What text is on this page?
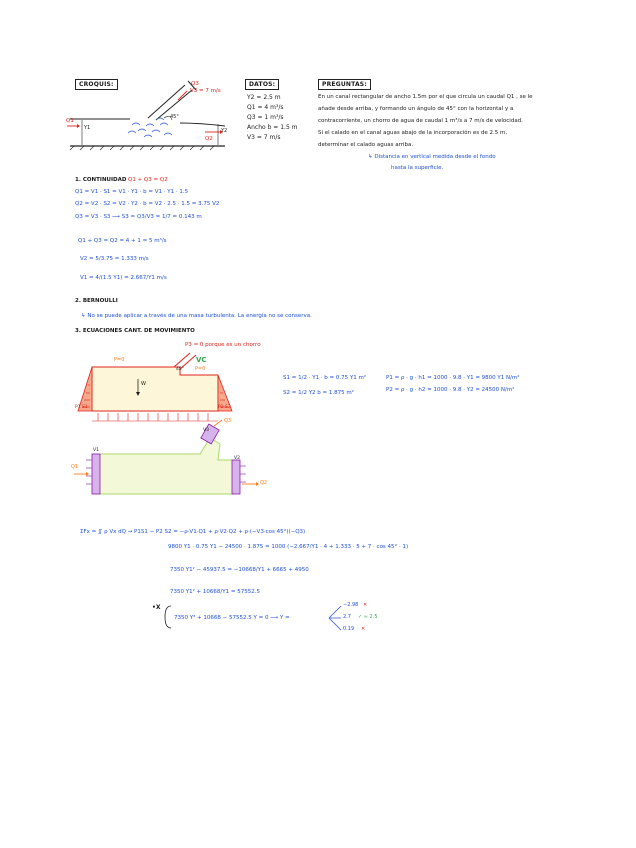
CROQUIS:	DATOS:	PREGUNTAS:
Q3
V3 = 7 m/s
45°
Q1
Y1	Y2
Q2
Y2 = 2.5 m
Q1 = 4 m³/s
Q3 = 1 m³/s
Ancho b = 1.5 m
V3 = 7 m/s
En un canal rectangular de ancho 1.5m por el que circula un caudal Q1 , se le
añade desde arriba, y formando un ángulo de 45° con la horizontal y a
contracorriente, un chorro de agua de caudal 1 m³/s a 7 m/s de velocidad.
Si el calado en el canal aguas abajo de la incorporación es de 2.5 m,
determinar el calado aguas arriba.
↳ Distancia en vertical medida desde el fondo
hasta la superficie.
1. CONTINUIDAD Q1 + Q3 = Q2
Q1 = V1 · S1 = V1 · Y1 · b = V1 · Y1 · 1.5
Q2 = V2 · S2 = V2 · Y2 · b = V2 · 2.5 · 1.5 = 3.75 V2
Q3 = V3 · S3 ⟶ S3 = Q3/V3 = 1/7 = 0.143 m
Q1 + Q3 = Q2 = 4 + 1 = 5 m³/s
V2 = 5/3.75 = 1.333 m/s
V1 = 4/(1.5 Y1) = 2.667/Y1 m/s
2. BERNOULLI
↳ No se puede aplicar a través de una masa turbulenta. La energía no se conserva.
3. ECUACIONES CANT. DE MOVIMIENTO
P3 = 0 porque es un chorro
VC
P=0
P=0
45°
W
P1 S1	P2 S2
Q3
Q1
Q2
V1
V2
V3
S1 = 1/2 · Y1 · b = 0.75 Y1 m²
S2 = 1/2 Y2 b = 1.875 m²
P1 = ρ · g · h1 = 1000 · 9.8 · Y1 = 9800 Y1 N/m²
P2 = ρ · g · h2 = 1000 · 9.8 · Y2 = 24500 N/m²
ΣFx = ∬ ρ Vx dQ → P1S1 − P2 S2 = −ρ·V1·Q1 + ρ·V2·Q2 + ρ·(−V3·cos 45°)(−Q3)
9800 Y1 · 0.75 Y1 − 24500 · 1.875 = 1000 (−2.667/Y1 · 4 + 1.333 · 5 + 7 · cos 45° · 1)
7350 Y1² − 45937.5 = −10668/Y1 + 6665 + 4950
7350 Y1² + 10668/Y1 = 57552.5
•X
7350 Y³ + 10668 − 57552.5 Y = 0 ⟶ Y =
−2.98 ✕
2.7 ✓ ≈ 2.5
0.19 ✕
